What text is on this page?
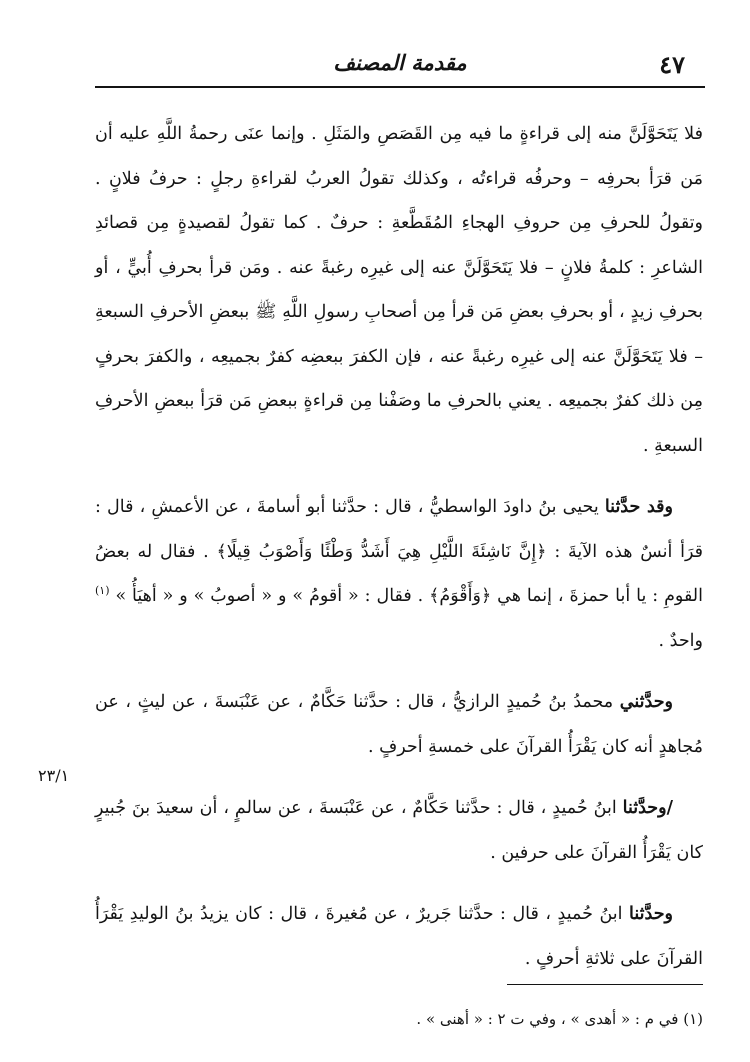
٤٧
مقدمة المصنف

فلا يَتَحَوَّلَنَّ منه إلى قراءةٍ ما فيه مِن القَصَصِ والمَثَلِ . وإنما عنَى رحمةُ اللَّهِ عليه أن مَن قرَأ بحرفِه – وحرفُه قراءتُه ، وكذلك تقولُ العربُ لقراءةِ رجلٍ : حرفُ فلانٍ . وتقولُ للحرفِ مِن حروفِ الهجاءِ المُقَطَّعةِ : حرفٌ . كما تقولُ لقصيدةٍ مِن قصائدِ الشاعرِ : كلمةُ فلانٍ – فلا يَتَحَوَّلَنَّ عنه إلى غيرِه رغبةً عنه . ومَن قرأ بحرفِ أُبيٍّ ، أو بحرفِ زيدٍ ، أو بحرفِ بعضِ مَن قرأ مِن أصحابِ رسولِ اللَّهِ ﷺ ببعضِ الأحرفِ السبعةِ – فلا يَتَحَوَّلَنَّ عنه إلى غيرِه رغبةً عنه ، فإن الكفرَ ببعضِه كفرٌ بجميعِه ، والكفرَ بحرفٍ مِن ذلك كفرٌ بجميعِه . يعني بالحرفِ ما وصَفْنا مِن قراءةٍ ببعضِ مَن قرَأ ببعضِ الأحرفِ السبعةِ .

وقد حدَّثنا يحيى بنُ داودَ الواسطيُّ ، قال : حدَّثنا أبو أسامةَ ، عن الأعمشِ ، قال : قرَأ أنسٌ هذه الآيةَ : ﴿إِنَّ نَاشِئَةَ اللَّيْلِ هِيَ أَشَدُّ وَطْئًا وَأَصْوَبُ قِيلًا﴾ . فقال له بعضُ القومِ : يا أبا حمزةَ ، إنما هي ﴿وَأَقْوَمُ﴾ . فقال : « أقومُ » و « أصوبُ » و « أهيَأُ » $^{(١)}$ واحدٌ .

وحدَّثني محمدُ بنُ حُميدٍ الرازيُّ ، قال : حدَّثنا حَكَّامٌ ، عن عَنْبَسةَ ، عن ليثٍ ، عن مُجاهدٍ أنه كان يَقْرَأُ القرآنَ على خمسةِ أحرفٍ .

/وحدَّثنا ابنُ حُميدٍ ، قال : حدَّثنا حَكَّامٌ ، عن عَنْبَسةَ ، عن سالمٍ ، أن سعيدَ بنَ جُبيرٍ كان يَقْرَأُ القرآنَ على حرفين .

وحدَّثنا ابنُ حُميدٍ ، قال : حدَّثنا جَريرٌ ، عن مُغيرةَ ، قال : كان يزيدُ بنُ الوليدِ يَقْرَأُ القرآنَ على ثلاثةِ أحرفٍ .

٢٣/١
(١) في م : « أهدى » ، وفي ت ٢ : « أهنى » .
